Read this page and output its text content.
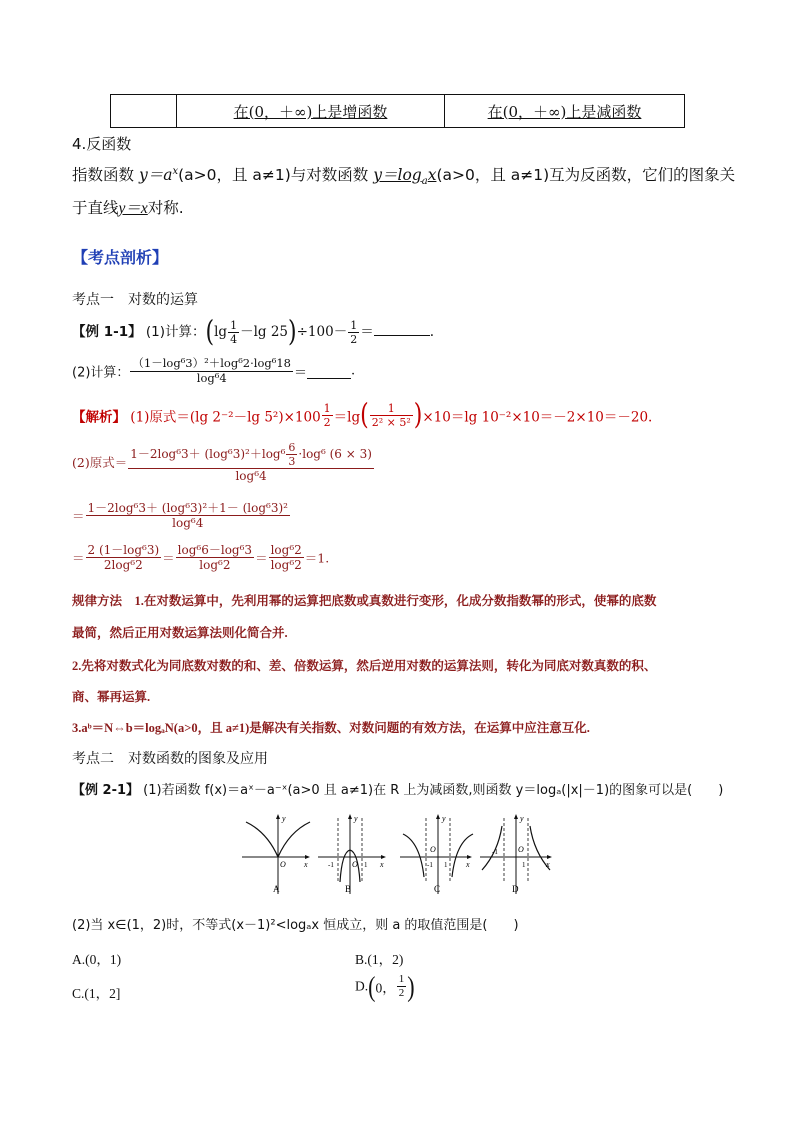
	在(0，＋∞)上是增函数	在(0，＋∞)上是减函数
4.反函数
指数函数 $y=a^x(a>0$，且 a≠1)与对数函数 $y=\log_ax(a>0$，且 a≠1)互为反函数，它们的图象关
于直线y＝x对称.
【考点剖析】
考点一　对数的运算
【例 1-1】 (1)计算：($\lg \frac{1}{4} -\lg$ $25)\div 100- \frac{1}{2}$ ＝	.
(2)计算： $\frac{\text{（1－log⁶3）²＋log⁶2·log⁶18}}{\text{log⁶4}}$ ＝	.
【解析】 (1)原式＝(lg 2⁻²－lg $5^2)\times 100 \frac{1}{2} =\lg( \frac{1}{\text{2² × 5²}} )\times 10=\lg$ 10⁻²×10＝－2×10＝－20.
(2)原式＝ $\frac{1-2\log^63+ (\log^63)^2+\log^6 \frac{6}{3} \cdot\log^6 (6 \times 3)}{\text{log⁶4}}$
＝ $\frac{\text{1－2log⁶3＋ (log⁶3)²＋1－ (log⁶3)²}}{\text{log⁶4}}$
＝ $\frac{\text{2 (1－log⁶3)}}{\text{2log⁶2}} = \frac{\text{log⁶6－log⁶3}}{\text{log⁶2}} = \frac{\text{log⁶2}}{\text{log⁶2}} =1$.
规律方法　1.在对数运算中，先利用幂的运算把底数或真数进行变形，化成分数指数幂的形式，使幂的底数
最简，然后正用对数运算法则化简合并.
2.先将对数式化为同底数对数的和、差、倍数运算，然后逆用对数的运算法则，转化为同底对数真数的积、
商、幂再运算.
3.aᵇ＝N⇔b＝logₐN(a>0，且 a≠1)是解决有关指数、对数问题的有效方法，在运算中应注意互化.
考点二　对数函数的图象及应用
【例 2-1】 (1)若函数 f(x)＝aˣ－a⁻ˣ(a>0 且 a≠1)在 R 上为减函数,则函数 y＝logₐ(|x|－1)的图象可以是(　　)
y
x
O
A
y
x
O
-1	1
B
y
x
O
-1 1
C
y
x
O
-1
1
D
(2)当 x∈(1，2)时，不等式(x－1)²<logₐx 恒成立，则 a 的取值范围是(　　)
A.(0，1)	B.(1，2)
C.(1，2]	D.(0， $\frac{1}{2}$ )
